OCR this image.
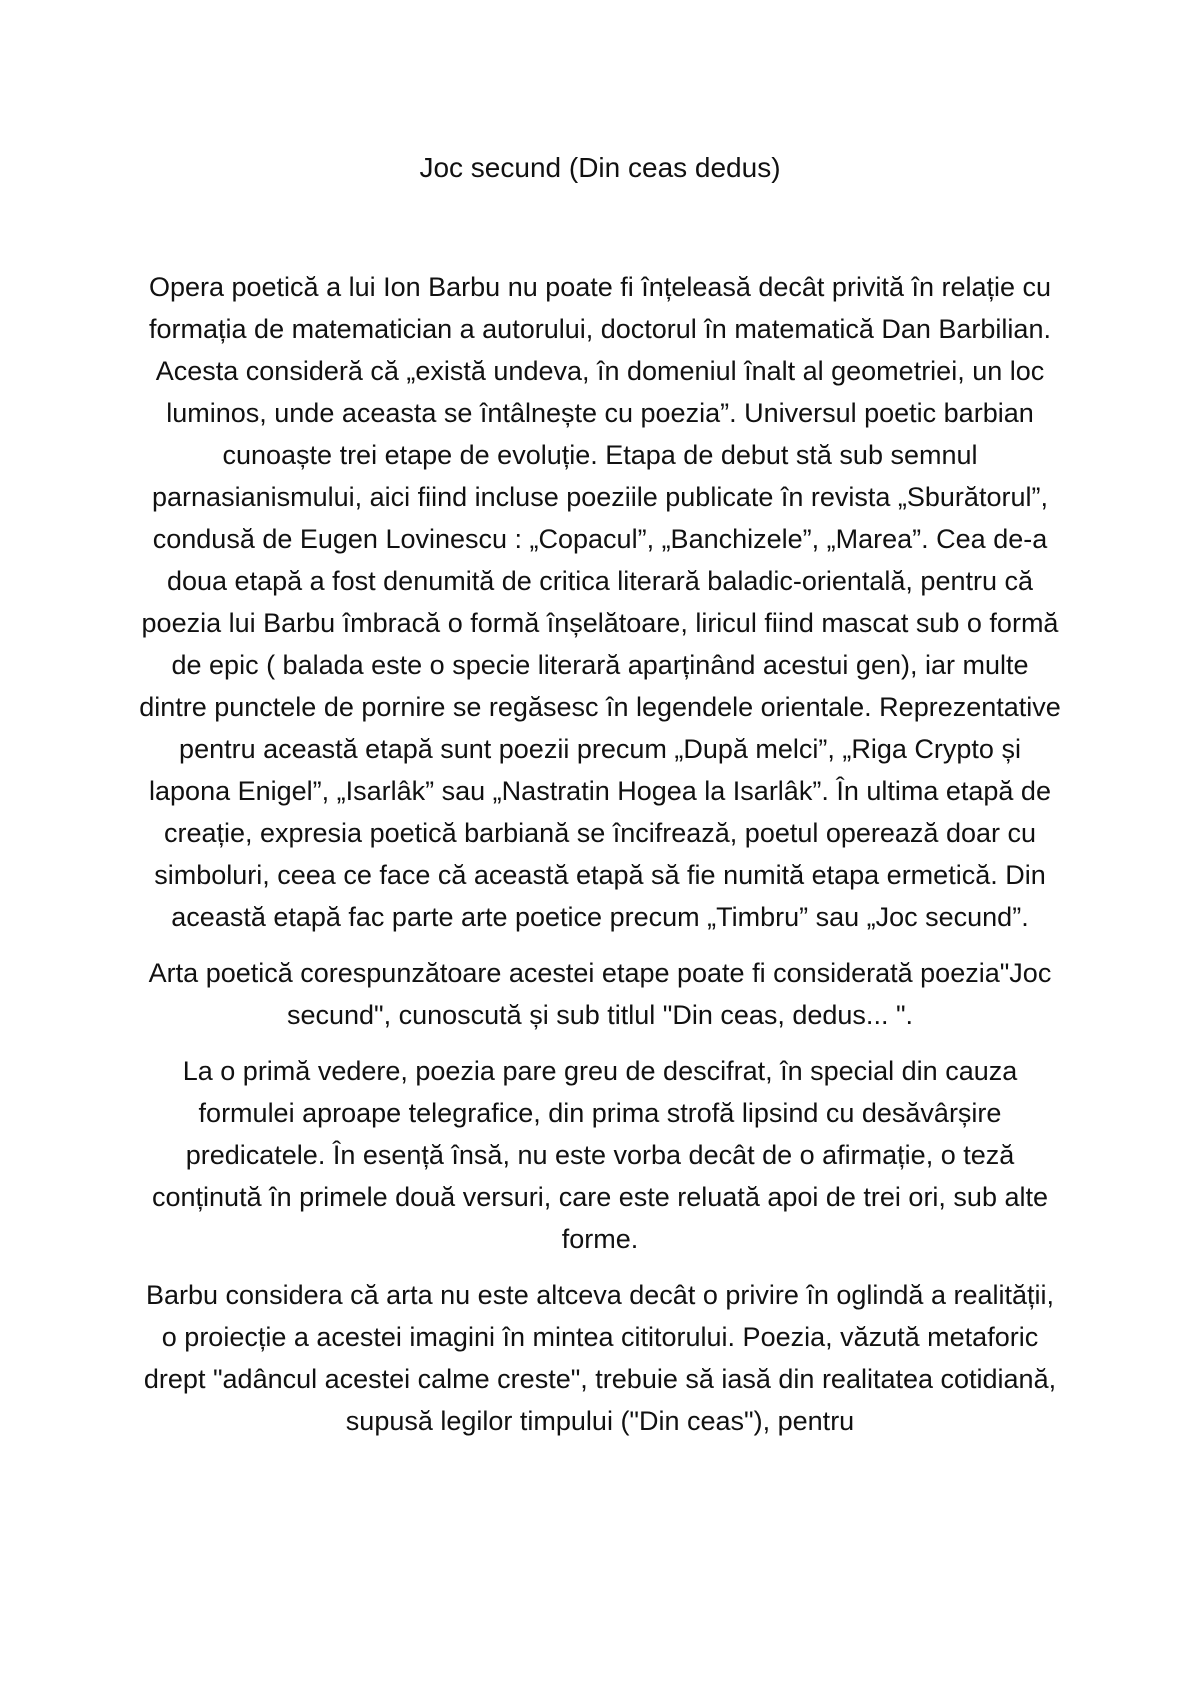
Joc secund (Din ceas dedus)

Opera poetică a lui Ion Barbu nu poate fi înțeleasă decât privită în relație cu formația de matematician a autorului, doctorul în matematică Dan Barbilian. Acesta consideră că „există undeva, în domeniul înalt al geometriei, un loc luminos, unde aceasta se întâlnește cu poezia”. Universul poetic barbian cunoaște trei etape de evoluție. Etapa de debut stă sub semnul parnasianismului, aici fiind incluse poeziile publicate în revista „Sburătorul”, condusă de Eugen Lovinescu : „Copacul”, „Banchizele”, „Marea”. Cea de-a doua etapă a fost denumită de critica literară baladic-orientală, pentru că poezia lui Barbu îmbracă o formă înșelătoare, liricul fiind mascat sub o formă de epic ( balada este o specie literară aparținând acestui gen), iar multe dintre punctele de pornire se regăsesc în legendele orientale. Reprezentative pentru această etapă sunt poezii precum „După melci”, „Riga Crypto și lapona Enigel”, „Isarlâk” sau „Nastratin Hogea la Isarlâk”. În ultima etapă de creație, expresia poetică barbiană se încifrează, poetul operează doar cu simboluri, ceea ce face că această etapă să fie numită etapa ermetică. Din această etapă fac parte arte poetice precum „Timbru” sau „Joc secund”.

Arta poetică corespunzătoare acestei etape poate fi considerată poezia"Joc secund", cunoscută și sub titlul "Din ceas, dedus... ".

La o primă vedere, poezia pare greu de descifrat, în special din cauza formulei aproape telegrafice, din prima strofă lipsind cu desăvârșire predicatele. În esență însă, nu este vorba decât de o afirmație, o teză conținută în primele două versuri, care este reluată apoi de trei ori, sub alte forme.

Barbu considera că arta nu este altceva decât o privire în oglindă a realității, o proiecție a acestei imagini în mintea cititorului. Poezia, văzută metaforic drept "adâncul acestei calme creste", trebuie să iasă din realitatea cotidiană, supusă legilor timpului ("Din ceas"), pentru
